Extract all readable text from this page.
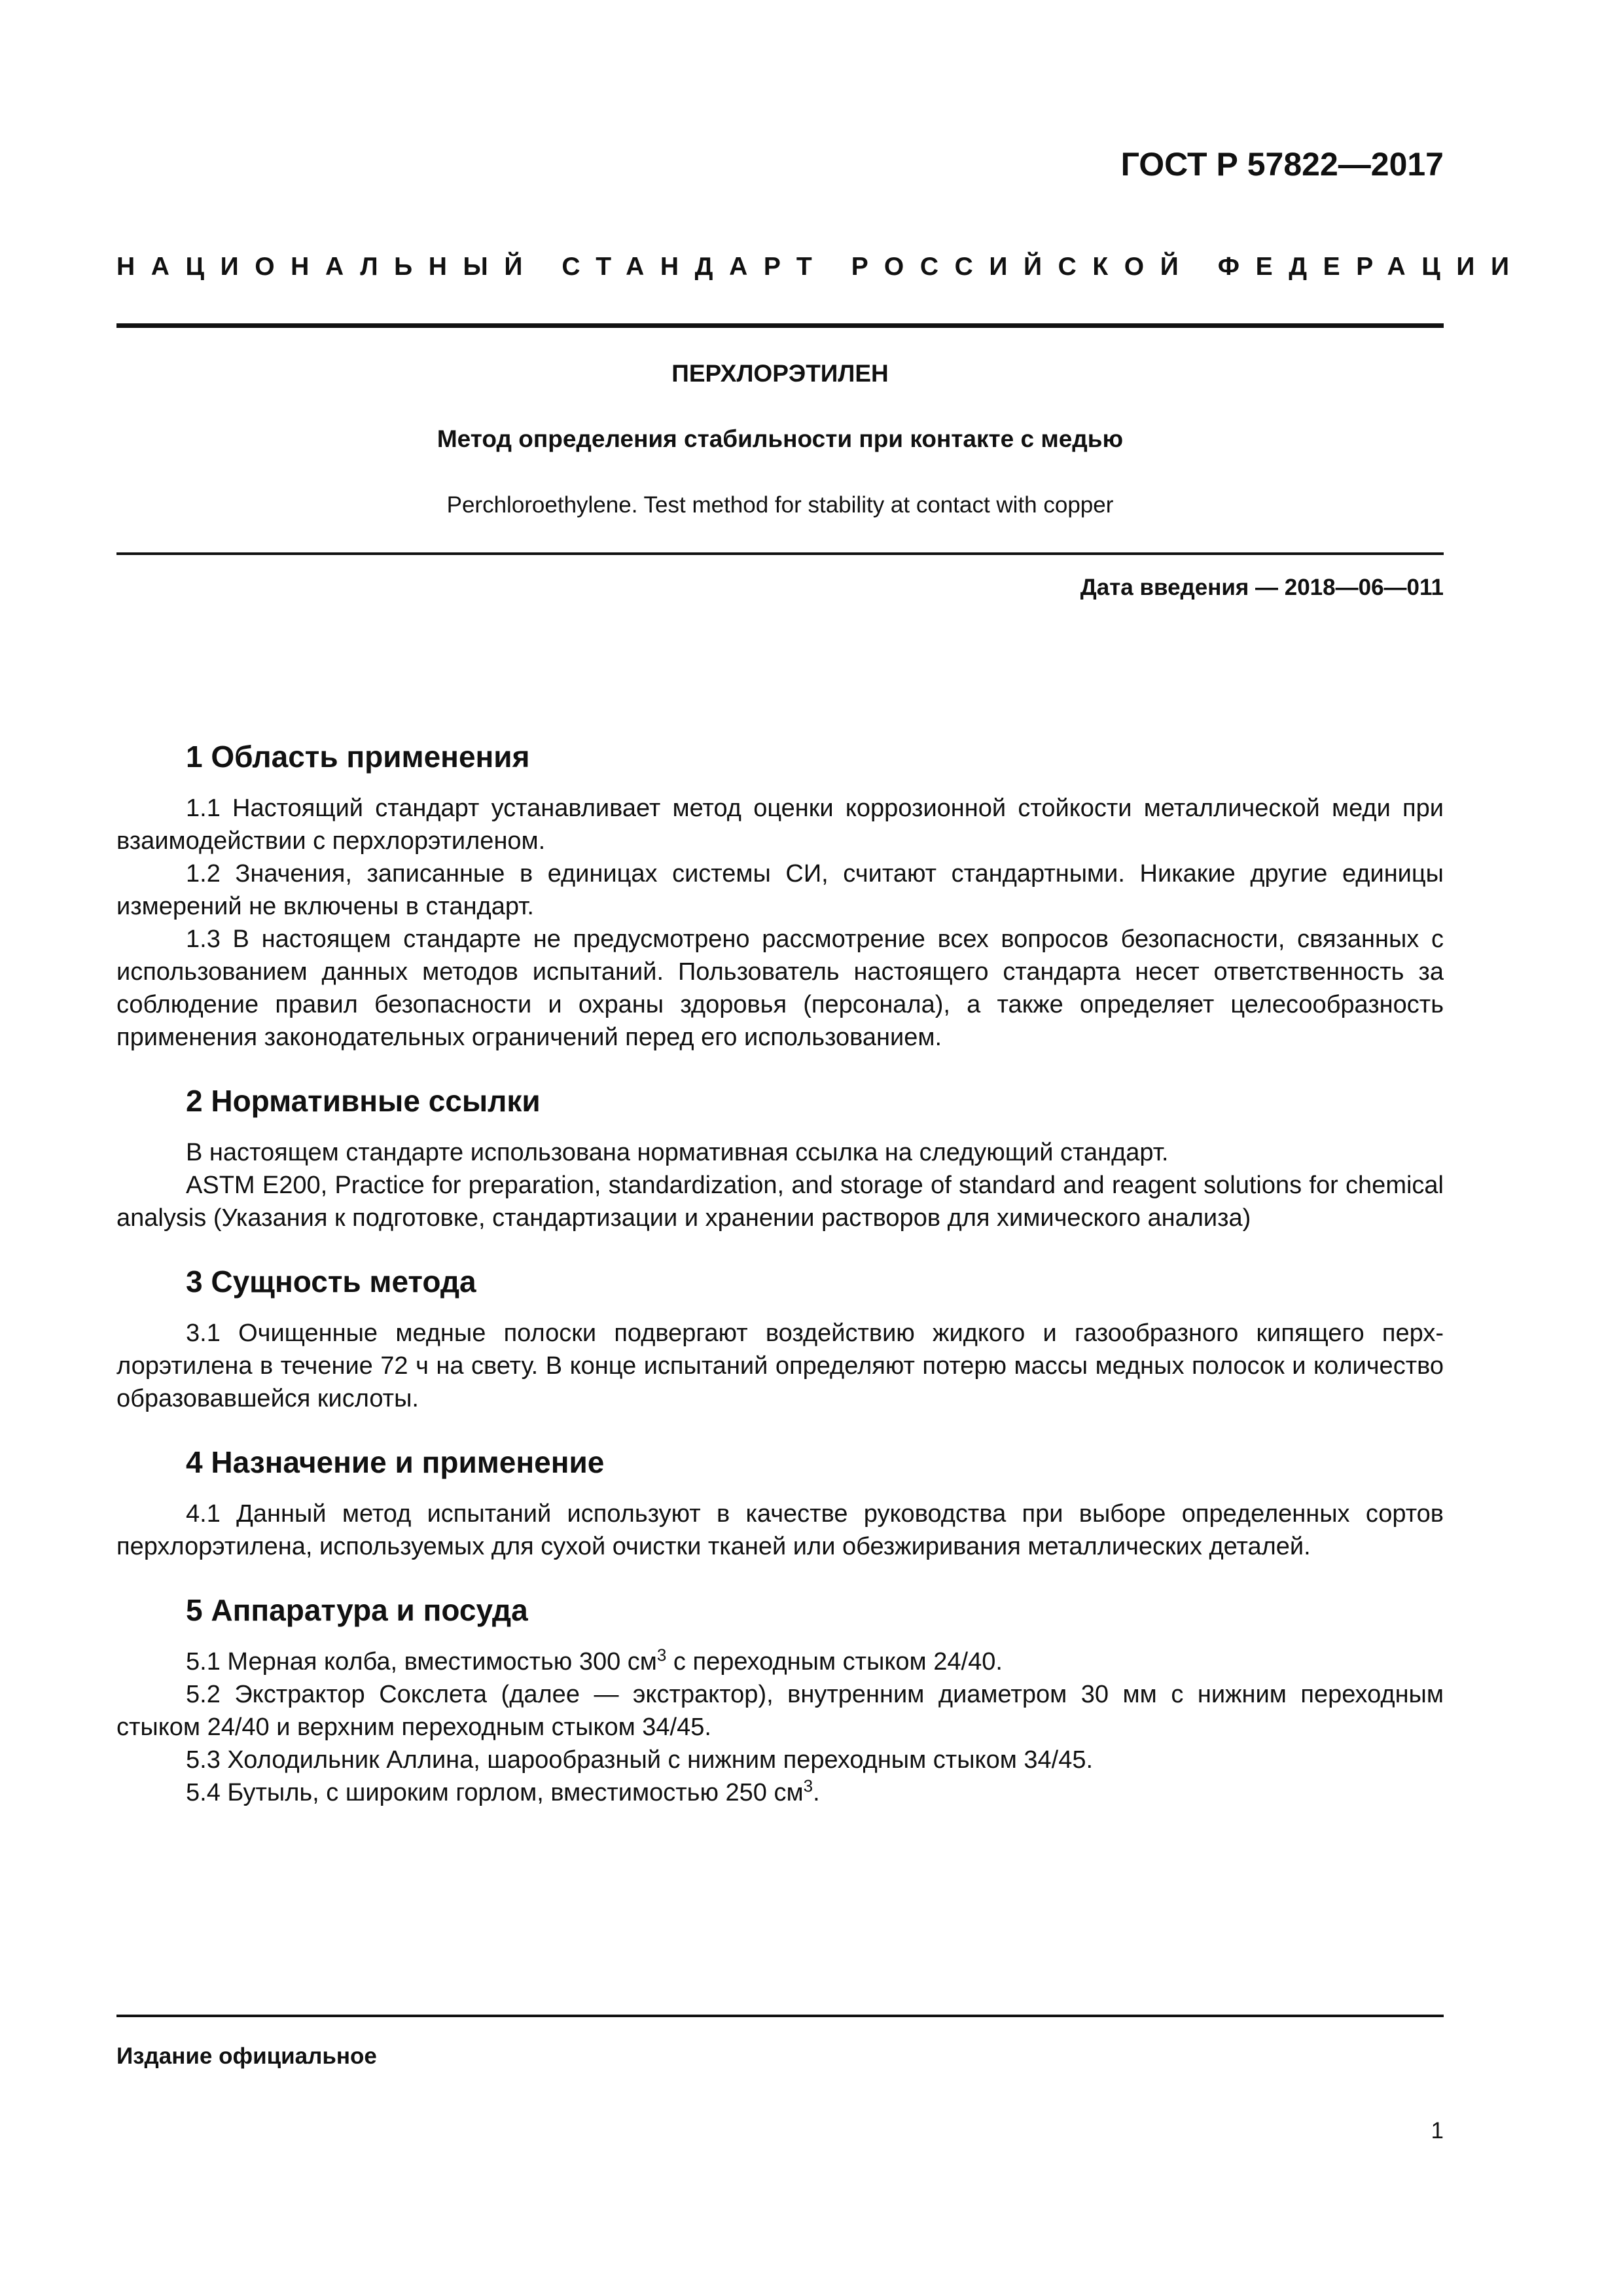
ГОСТ Р 57822—2017
НАЦИОНАЛЬНЫЙ СТАНДАРТ РОССИЙСКОЙ ФЕДЕРАЦИИ
ПЕРХЛОРЭТИЛЕН
Метод определения стабильности при контакте с медью
Perchloroethylene. Test method for stability at contact with copper
Дата введения — 2018—06—011
1 Область применения

1.1 Настоящий стандарт устанавливает метод оценки коррозионной стойкости металлической меди при взаимодействии с перхлорэтиленом.

1.2 Значения, записанные в единицах системы СИ, считают стандартными. Никакие другие единицы измерений не включены в стандарт.

1.3 В настоящем стандарте не предусмотрено рассмотрение всех вопросов безопасности, связанных с использованием данных методов испытаний. Пользователь настоящего стандарта несет ответственность за соблюдение правил безопасности и охраны здоровья (персонала), а также определяет целесообразность применения законодательных ограничений перед его использованием.

2 Нормативные ссылки

В настоящем стандарте использована нормативная ссылка на следующий стандарт.

ASTM E200, Practice for preparation, standardization, and storage of standard and reagent solutions for chemical analysis (Указания к подготовке, стандартизации и хранении растворов для химического анализа)

3 Сущность метода

3.1 Очищенные медные полоски подвергают воздействию жидкого и газообразного кипящего перхлорэтилена в течение 72 ч на свету. В конце испытаний определяют потерю массы медных полосок и количество образовавшейся кислоты.

4 Назначение и применение

4.1 Данный метод испытаний используют в качестве руководства при выборе определенных сортов перхлорэтилена, используемых для сухой очистки тканей или обезжиривания металлических деталей.

5 Аппаратура и посуда

5.1 Мерная колба, вместимостью 300 $см^3$ с переходным стыком 24/40.

5.2 Экстрактор Сокслета (далее — экстрактор), внутренним диаметром 30 мм с нижним переходным стыком 24/40 и верхним переходным стыком 34/45.

5.3 Холодильник Аллина, шарообразный с нижним переходным стыком 34/45.

5.4 Бутыль, с широким горлом, вместимостью 250 $см^3$.

Издание официальное
1
